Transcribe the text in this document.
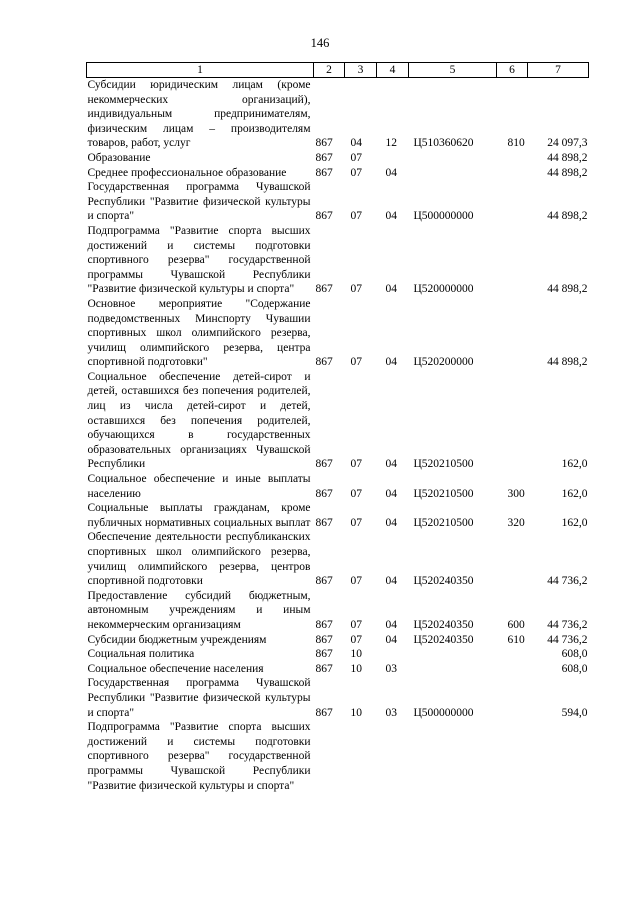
146
1	2	3	4	5	6	7
Субсидии юридическим лицам (кроме некоммерческих организаций), индивидуальным предпринимателям, физическим лицам – производителям товаров, работ, услуг	867	04	12	Ц510360620	810	24 097,3
Образование	867	07				44 898,2
Среднее профессиональное образование	867	07	04			44 898,2
Государственная программа Чувашской Республики "Развитие физической культуры и спорта"	867	07	04	Ц500000000		44 898,2
Подпрограмма "Развитие спорта высших достижений и системы подготовки спортивного резерва" государственной программы Чувашской Республики "Развитие физической культуры и спорта"	867	07	04	Ц520000000		44 898,2
Основное мероприятие "Содержание подведомственных Минспорту Чувашии спортивных школ олимпийского резерва, училищ олимпийского резерва, центра спортивной подготовки"	867	07	04	Ц520200000		44 898,2
Социальное обеспечение детей-сирот и детей, оставшихся без попечения родителей, лиц из числа детей-сирот и детей, оставшихся без попечения родителей, обучающихся в государственных образовательных организациях Чувашской Республики	867	07	04	Ц520210500		162,0
Социальное обеспечение и иные выплаты населению	867	07	04	Ц520210500	300	162,0
Социальные выплаты гражданам, кроме публичных нормативных социальных выплат	867	07	04	Ц520210500	320	162,0
Обеспечение деятельности республиканских спортивных школ олимпийского резерва, училищ олимпийского резерва, центров спортивной подготовки	867	07	04	Ц520240350		44 736,2
Предоставление субсидий бюджетным, автономным учреждениям и иным некоммерческим организациям	867	07	04	Ц520240350	600	44 736,2
Субсидии бюджетным учреждениям	867	07	04	Ц520240350	610	44 736,2
Социальная политика	867	10				608,0
Социальное обеспечение населения	867	10	03			608,0
Государственная программа Чувашской Республики "Развитие физической культуры и спорта"	867	10	03	Ц500000000		594,0
Подпрограмма "Развитие спорта высших достижений и системы подготовки спортивного резерва" государственной программы Чувашской Республики "Развитие физической культуры и спорта"						
